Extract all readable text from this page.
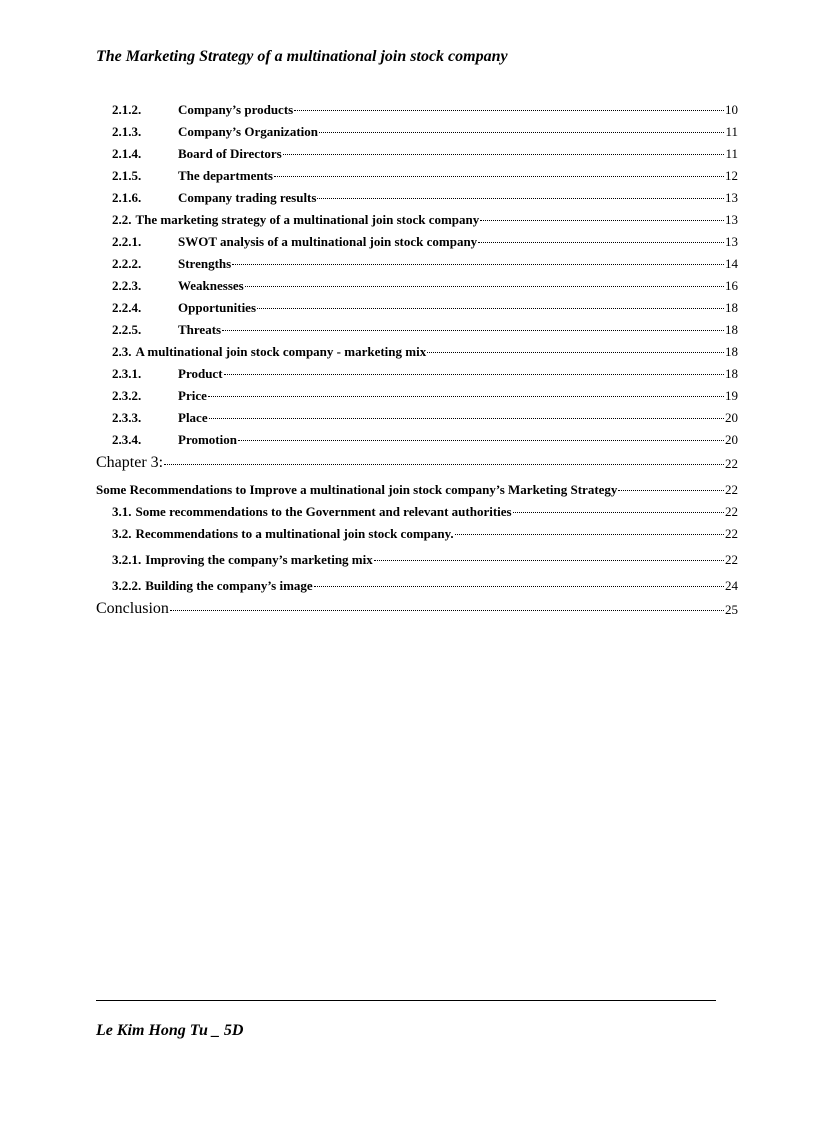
The Marketing Strategy of a multinational join stock company
2.1.2.	Company’s products	10
2.1.3.	Company’s Organization	11
2.1.4.	Board of Directors	11
2.1.5.	The departments	12
2.1.6.	Company trading results	13
2.2. The marketing strategy of a multinational join stock company	13
2.2.1.	SWOT analysis of a multinational join stock company	13
2.2.2.	Strengths	14
2.2.3.	Weaknesses	16
2.2.4.	Opportunities	18
2.2.5.	Threats	18
2.3. A multinational join stock company - marketing mix	18
2.3.1.	Product	18
2.3.2.	Price	19
2.3.3.	Place	20
2.3.4.	Promotion	20
Chapter 3:	22
Some Recommendations to Improve a multinational join stock company’s Marketing Strategy	22
3.1. Some recommendations to the Government and relevant authorities	22
3.2. Recommendations to a multinational join stock company.	22
3.2.1. Improving the company’s marketing mix	22
3.2.2. Building the company’s image	24
Conclusion	25
Le Kim Hong Tu _ 5D
